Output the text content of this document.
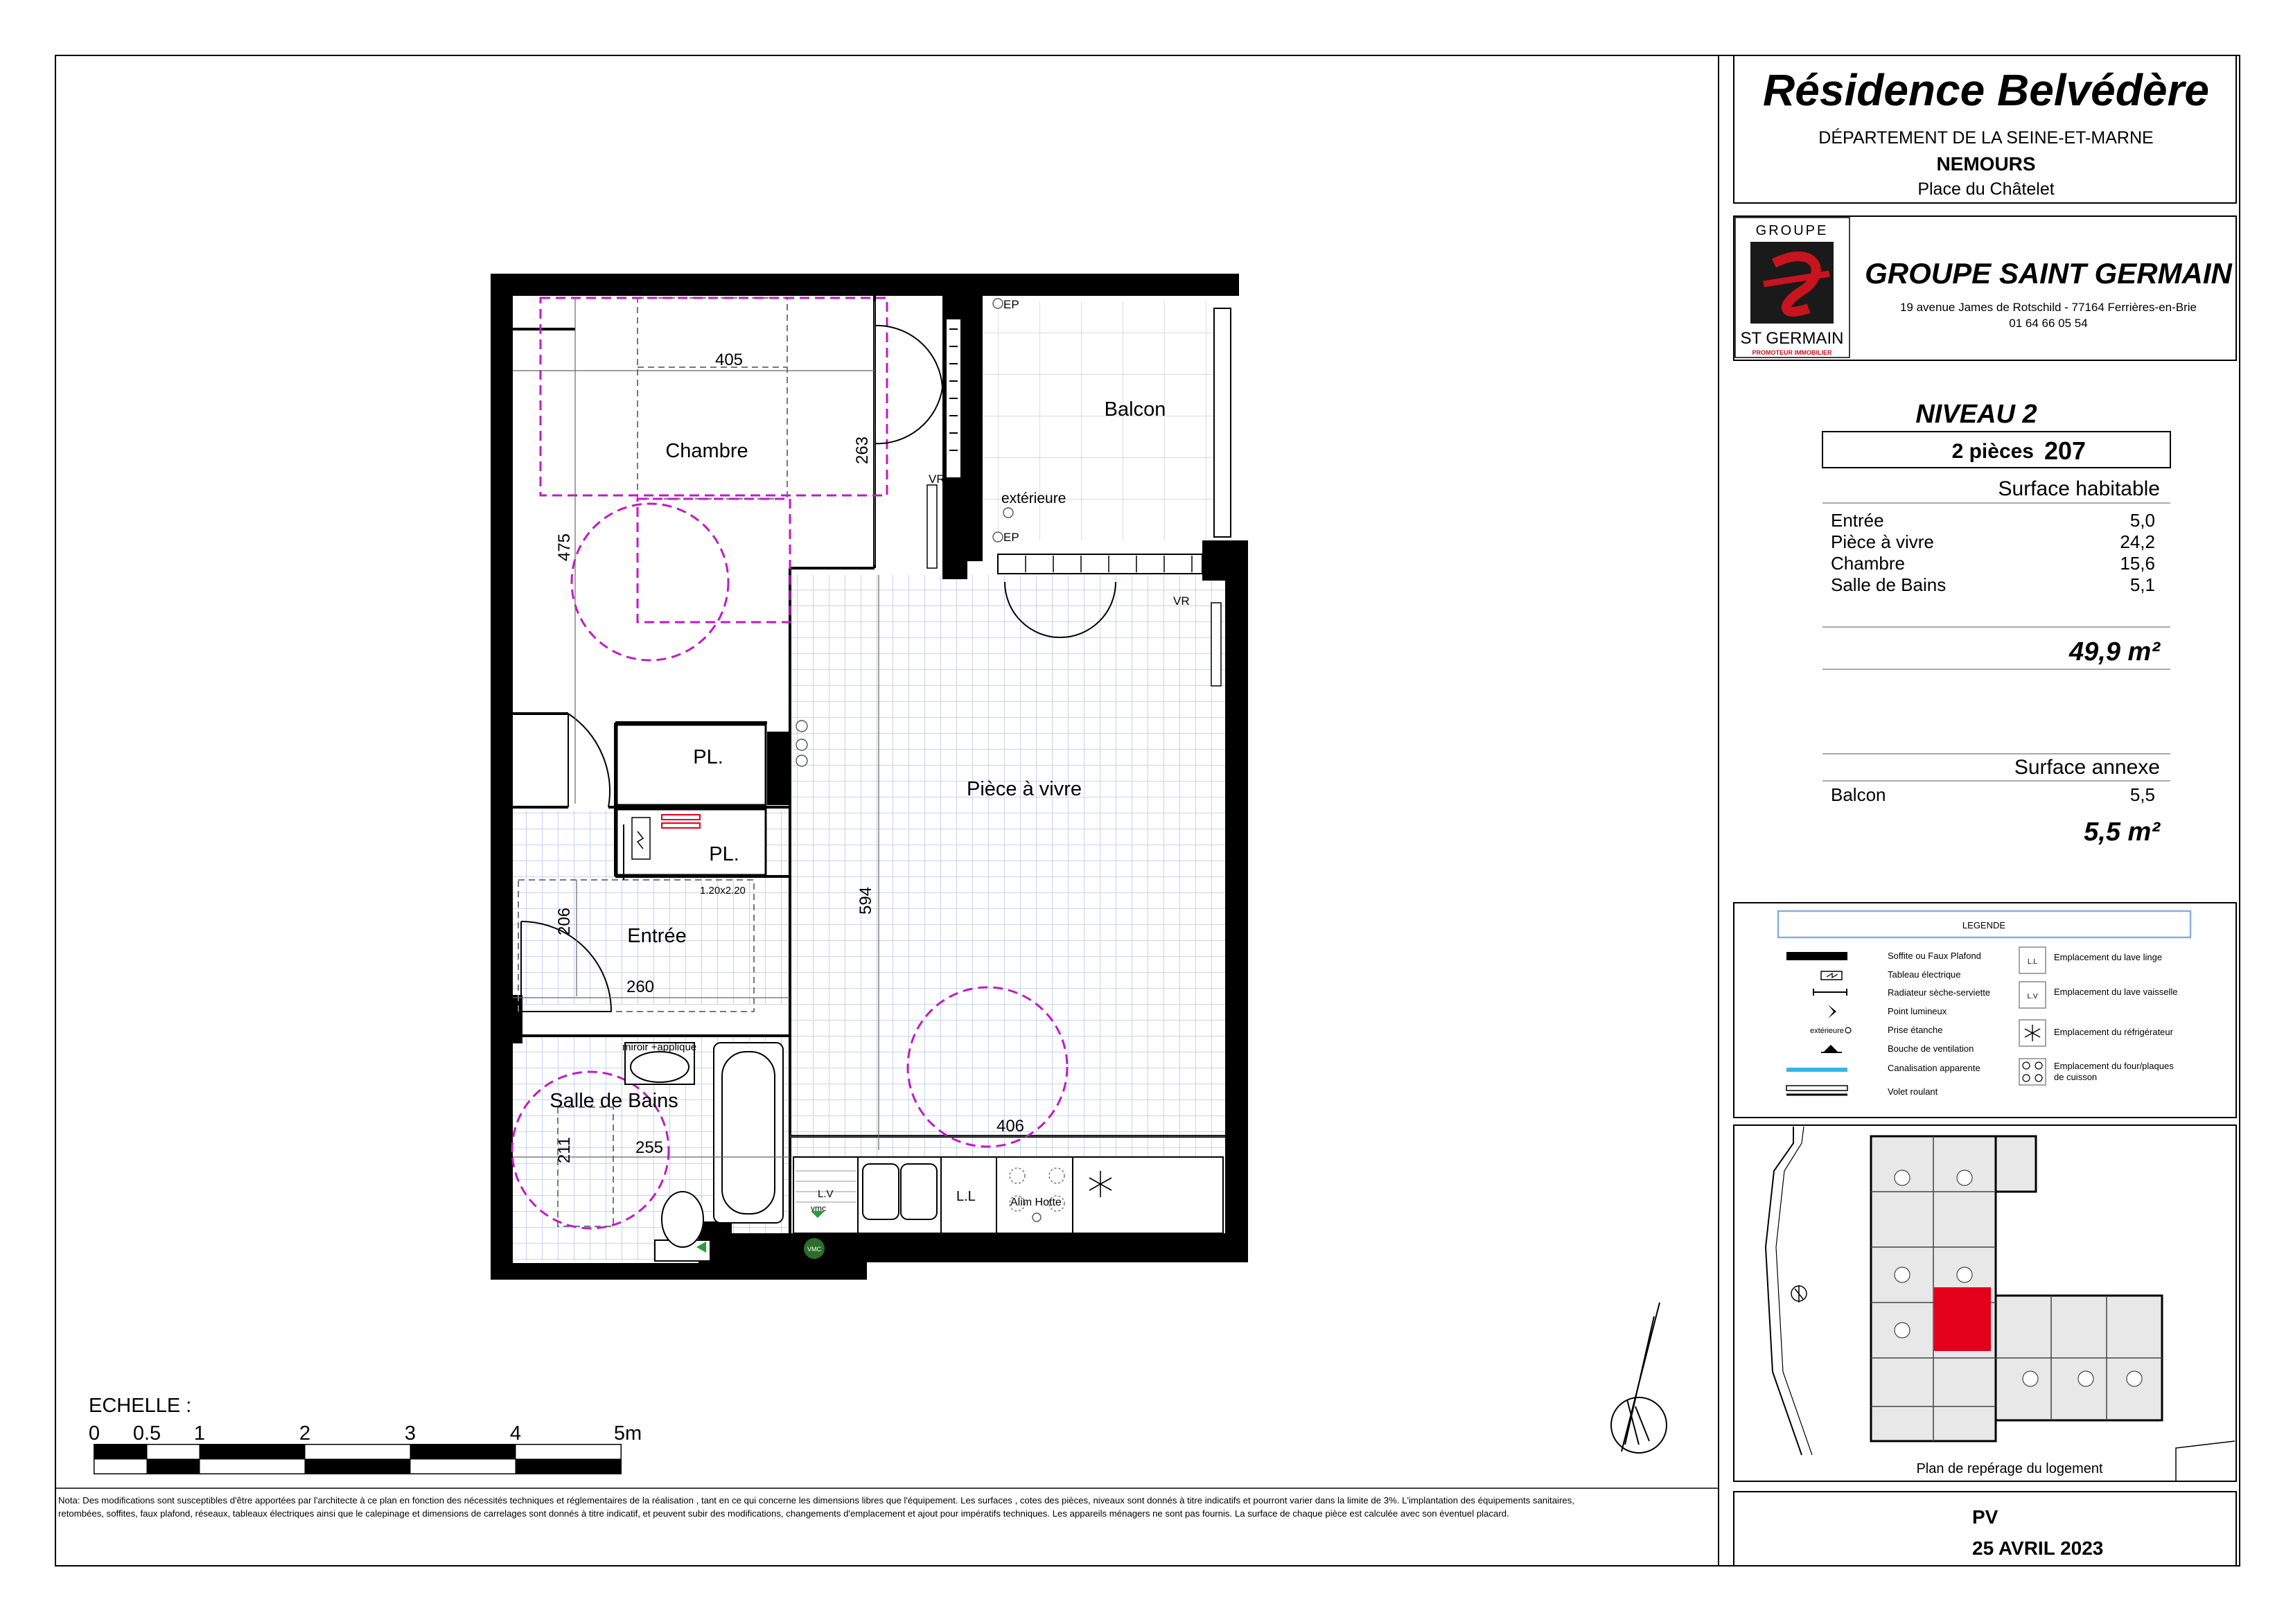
Résidence Belvédère
DÉPARTEMENT DE LA SEINE-ET-MARNE
NEMOURS
Place du Châtelet
GROUPE
ST GERMAIN
PROMOTEUR IMMOBILIER
GROUPE SAINT GERMAIN
19 avenue James de Rotschild - 77164 Ferrières-en-Brie
01 64 66 05 54
NIVEAU 2
2 pièces 207
Surface habitable
Entrée	5,0
Pièce à vivre	24,2
Chambre	15,6
Salle de Bains	5,1
49,9 m²
Surface annexe
Balcon	5,5
5,5 m²
LEGENDE
extérieure
Soffite ou Faux Plafond
Tableau électrique
Radiateur sèche-serviette
Point lumineux
Prise étanche
Bouche de ventilation
Canalisation apparente
Volet roulant
L.L
L.V
Emplacement du lave linge
Emplacement du lave vaisselle
Emplacement du réfrigérateur
Emplacement du four/plaques
de cuisson
Plan de repérage du logement
PV
25 AVRIL 2023
Chambre
Balcon
Pièce à vivre
PL.
PL.
Entrée
Salle de Bains
405
263
475
594
406
206
260
211	255
EP
EP
VR
VR
extérieure
miroir +applique
1.20x2.20
L.V
vmc
L.L	Alim Hotte
VMC
ECHELLE :
0 0.5 1	2	3	4	5m
Nota: Des modifications sont susceptibles d'être apportées par l'architecte à ce plan en fonction des nécessités techniques et réglementaires de la réalisation , tant en ce qui concerne les dimensions libres que l'équipement. Les surfaces , cotes des pièces, niveaux sont donnés à titre indicatifs et pourront varier dans la limite de 3%. L'implantation des équipements sanitaires,
retombées, soffites, faux plafond, réseaux, tableaux électriques ainsi que le calepinage et dimensions de carrelages sont donnés à titre indicatif, et peuvent subir des modifications, changements d'emplacement et ajout pour impératifs techniques. Les appareils ménagers ne sont pas fournis. La surface de chaque pièce est calculée avec son éventuel placard.
